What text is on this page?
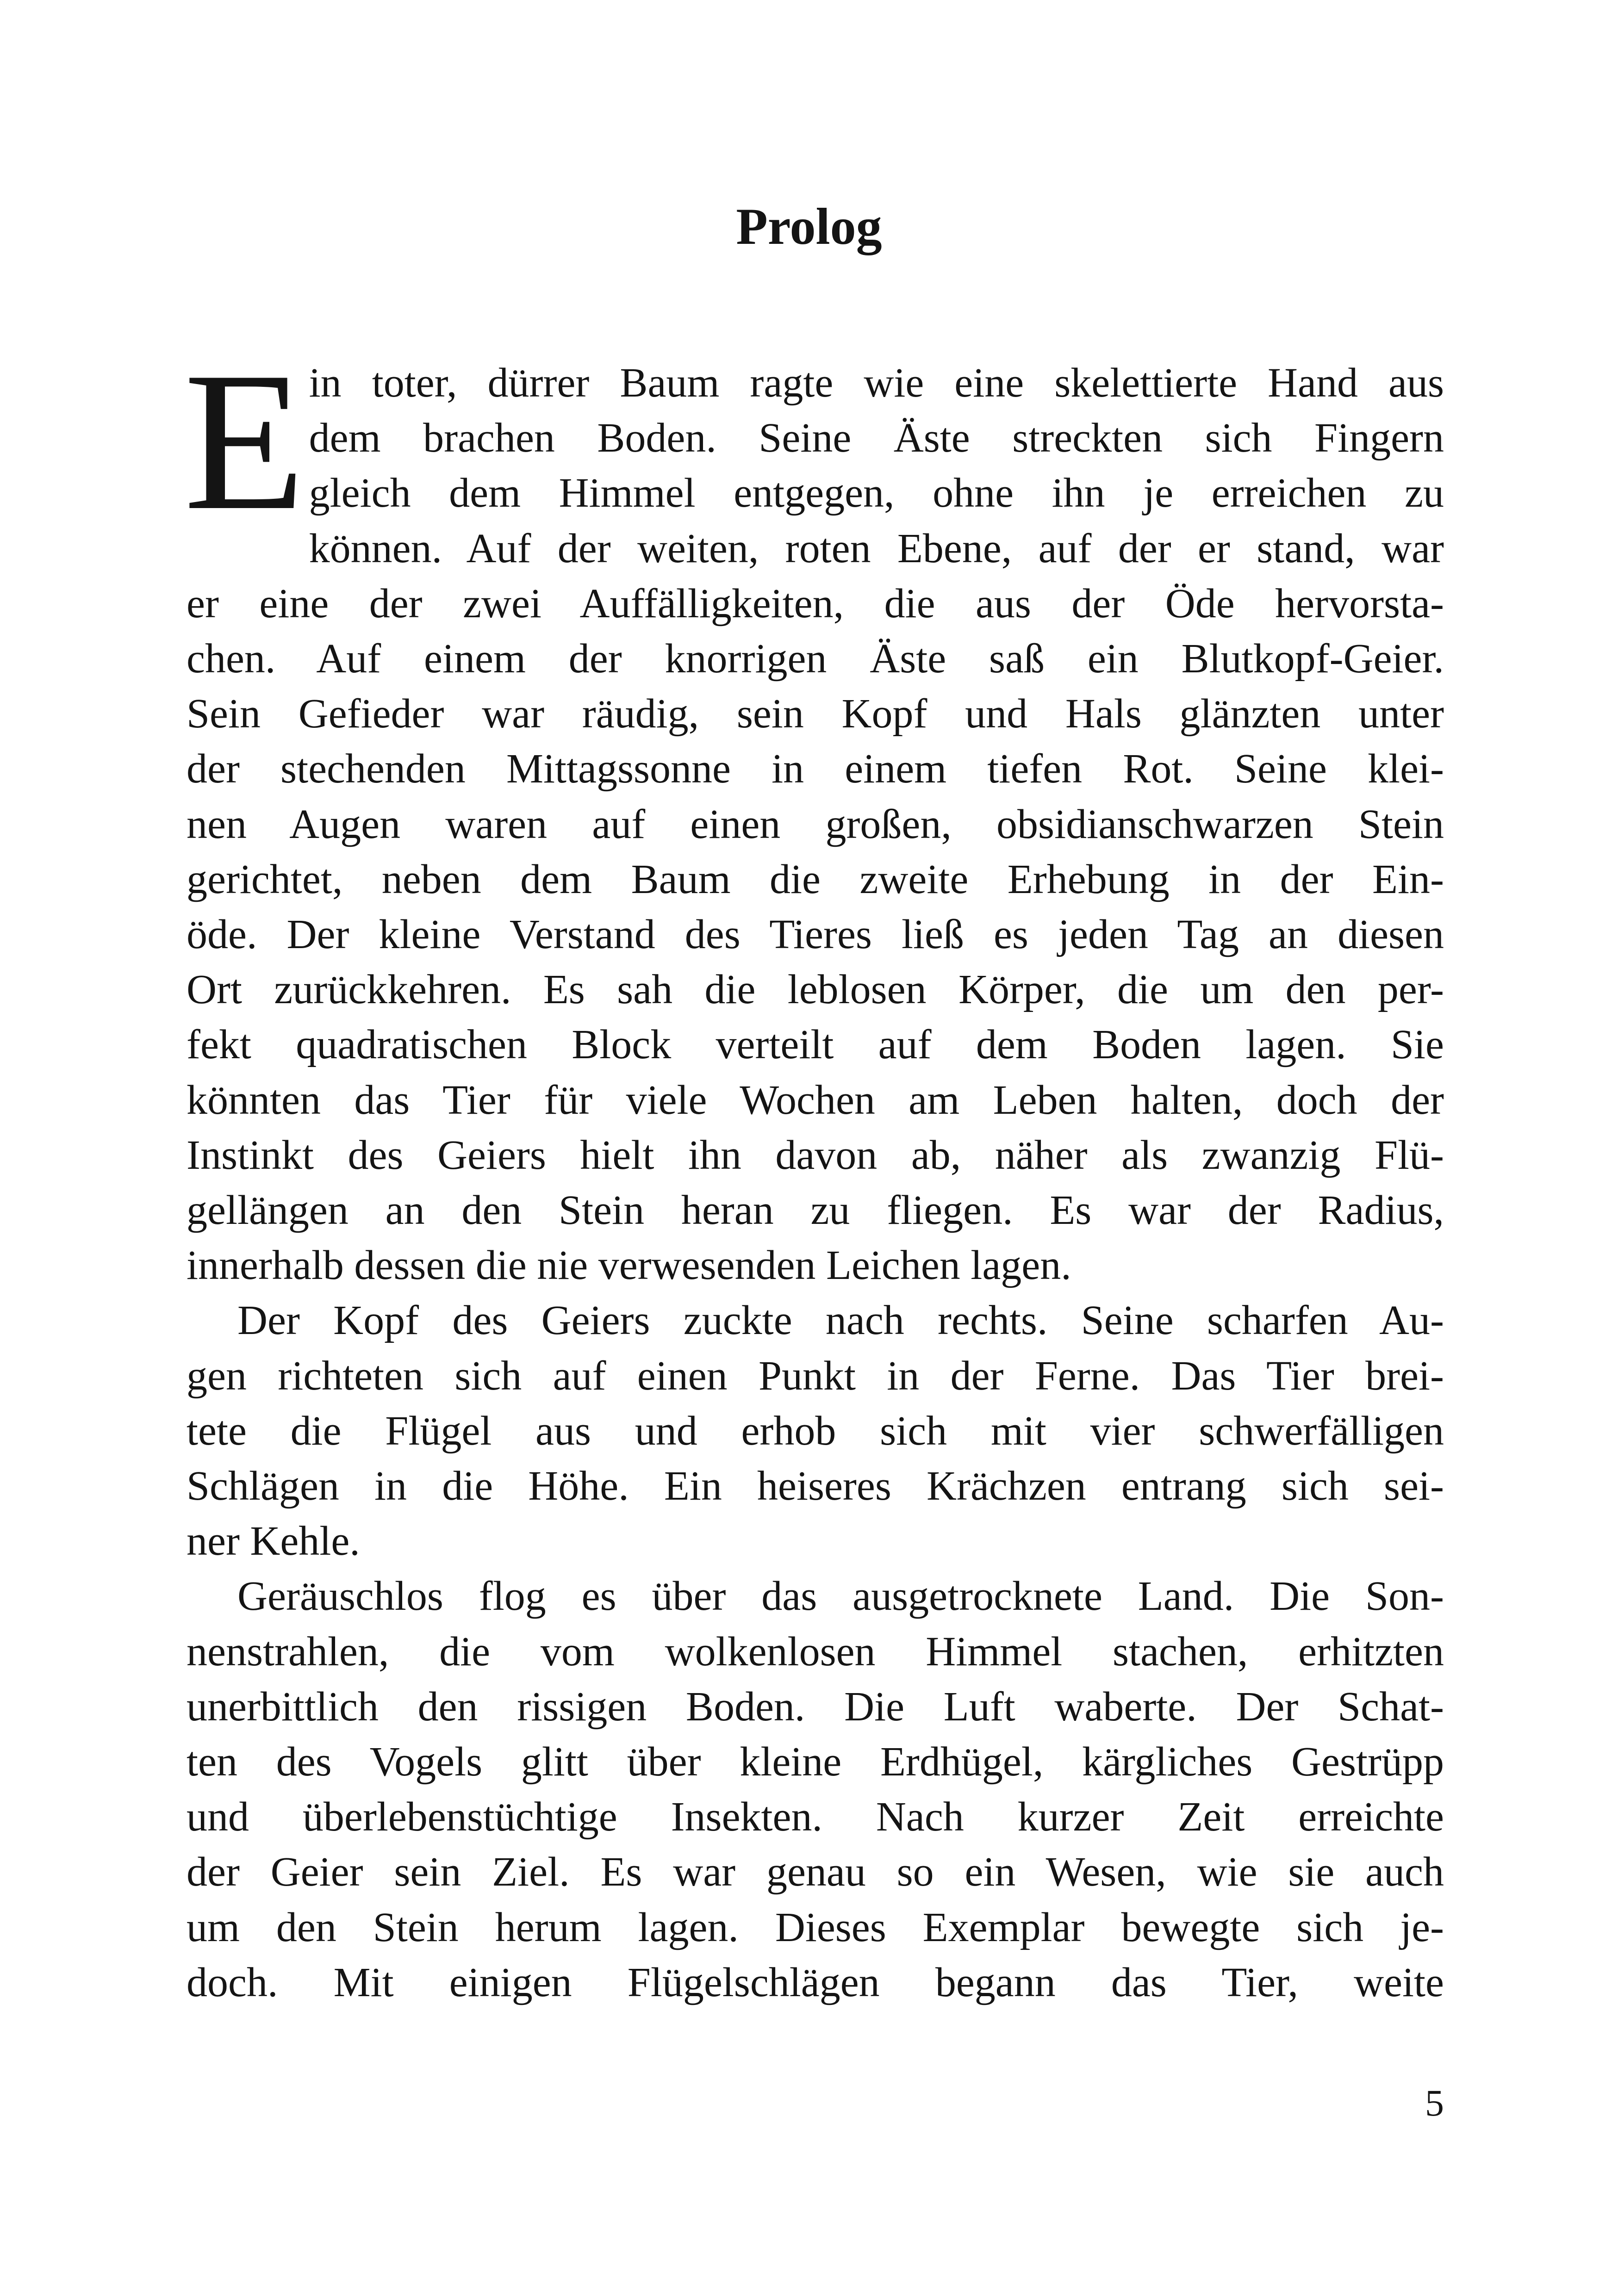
Prolog
E in toter, dürrer Baum ragte wie eine skelettierte Hand aus
dem brachen Boden. Seine Äste streckten sich Fingern
gleich dem Himmel entgegen, ohne ihn je erreichen zu
können. Auf der weiten, roten Ebene, auf der er stand, war
er eine der zwei Auffälligkeiten, die aus der Öde hervorsta-
chen. Auf einem der knorrigen Äste saß ein Blutkopf-Geier.
Sein Gefieder war räudig, sein Kopf und Hals glänzten unter
der stechenden Mittagssonne in einem tiefen Rot. Seine klei-
nen Augen waren auf einen großen, obsidianschwarzen Stein
gerichtet, neben dem Baum die zweite Erhebung in der Ein-
öde. Der kleine Verstand des Tieres ließ es jeden Tag an diesen
Ort zurückkehren. Es sah die leblosen Körper, die um den per-
fekt quadratischen Block verteilt auf dem Boden lagen. Sie
könnten das Tier für viele Wochen am Leben halten, doch der
Instinkt des Geiers hielt ihn davon ab, näher als zwanzig Flü-
gellängen an den Stein heran zu fliegen. Es war der Radius,
innerhalb dessen die nie verwesenden Leichen lagen.
Der Kopf des Geiers zuckte nach rechts. Seine scharfen Au-
gen richteten sich auf einen Punkt in der Ferne. Das Tier brei-
tete die Flügel aus und erhob sich mit vier schwerfälligen
Schlägen in die Höhe. Ein heiseres Krächzen entrang sich sei-
ner Kehle.
Geräuschlos flog es über das ausgetrocknete Land. Die Son-
nenstrahlen, die vom wolkenlosen Himmel stachen, erhitzten
unerbittlich den rissigen Boden. Die Luft waberte. Der Schat-
ten des Vogels glitt über kleine Erdhügel, kärgliches Gestrüpp
und überlebenstüchtige Insekten. Nach kurzer Zeit erreichte
der Geier sein Ziel. Es war genau so ein Wesen, wie sie auch
um den Stein herum lagen. Dieses Exemplar bewegte sich je-
doch. Mit einigen Flügelschlägen begann das Tier, weite
5
